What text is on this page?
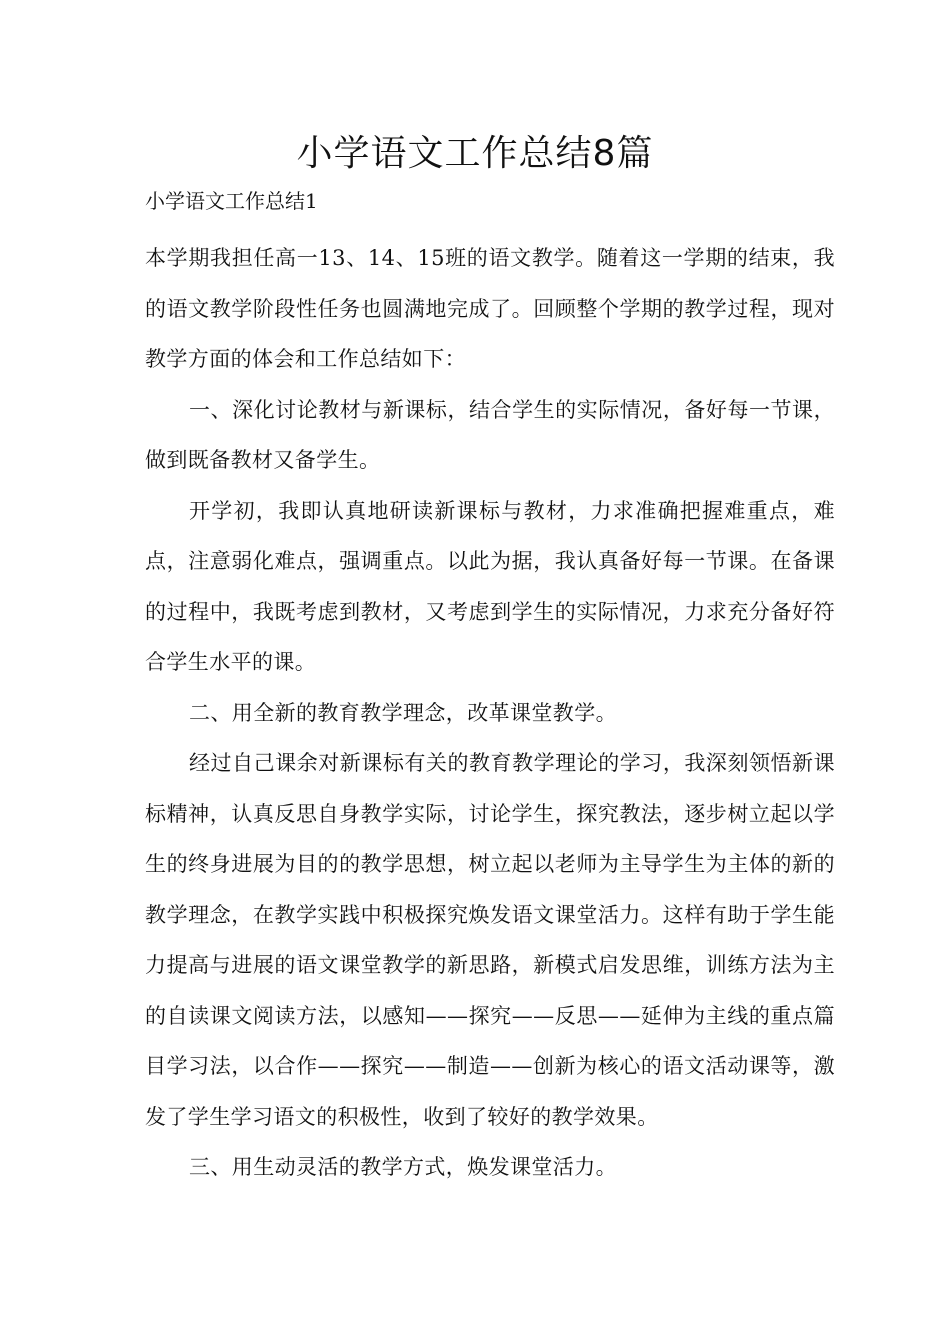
小学语文工作总结8篇
小学语文工作总结1

本学期我担任高一13、14、15班的语文教学。随着这一学期的结束，我的语文教学阶段性任务也圆满地完成了。回顾整个学期的教学过程，现对教学方面的体会和工作总结如下：

一、深化讨论教材与新课标，结合学生的实际情况，备好每一节课，做到既备教材又备学生。

开学初，我即认真地研读新课标与教材，力求准确把握难重点，难点，注意弱化难点，强调重点。以此为据，我认真备好每一节课。在备课的过程中，我既考虑到教材，又考虑到学生的实际情况，力求充分备好符合学生水平的课。

二、用全新的教育教学理念，改革课堂教学。

经过自己课余对新课标有关的教育教学理论的学习，我深刻领悟新课标精神，认真反思自身教学实际，讨论学生，探究教法，逐步树立起以学生的终身进展为目的的教学思想，树立起以老师为主导学生为主体的新的教学理念，在教学实践中积极探究焕发语文课堂活力。这样有助于学生能力提高与进展的语文课堂教学的新思路，新模式启发思维，训练方法为主的自读课文阅读方法，以感知——探究——反思——延伸为主线的重点篇目学习法，以合作——探究——制造——创新为核心的语文活动课等，激发了学生学习语文的积极性，收到了较好的教学效果。

三、用生动灵活的教学方式，焕发课堂活力。
